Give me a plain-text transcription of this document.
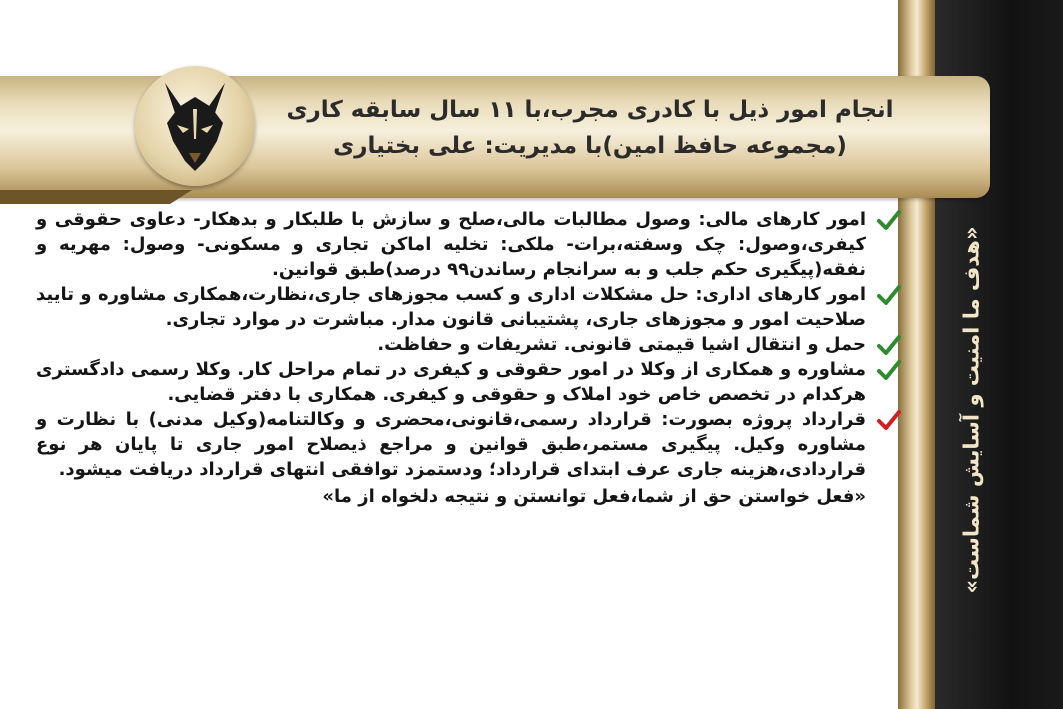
«هدف ما امنیت و آسایش شماست»
انجام امور ذیل با کادری مجرب،با ۱۱ سال سابقه کاری
(مجموعه حافظ امین)با مدیریت: علی بختیاری

امور کارهای مالی: وصول مطالبات مالی،صلح و سازش با طلبکار و بدهکار- دعاوی حقوقی و کیفری،وصول: چک وسفته،برات- ملکی: تخلیه اماکن تجاری و مسکونی- وصول: مهریه و نفقه(پیگیری حکم جلب و به سرانجام رساندن۹۹ درصد)طبق قوانین.

امور کارهای اداری: حل مشکلات اداری و کسب مجوزهای جاری،نظارت،همکاری مشاوره و تایید صلاحیت امور و مجوزهای جاری، پشتیبانی قانون مدار. مباشرت در موارد تجاری.

حمل و انتقال اشیا قیمتی قانونی. تشریفات و حفاظت.

مشاوره و همکاری از وکلا در امور حقوقی و کیفری در تمام مراحل کار. وکلا رسمی دادگستری هرکدام در تخصص خاص خود املاک و حقوقی و کیفری. همکاری با دفتر قضایی.

قرارداد پروژه بصورت: قرارداد رسمی،قانونی،محضری و وکالتنامه(وکیل مدنی) با نظارت و مشاوره وکیل. پیگیری مستمر،طبق قوانین و مراجع ذیصلاح امور جاری تا پایان هر نوع قراردادی،هزینه جاری عرف ابتدای قرارداد؛ ودستمزد توافقی انتهای قرارداد دریافت میشود.

«فعل خواستن حق از شما،فعل توانستن و نتیجه دلخواه از ما»
